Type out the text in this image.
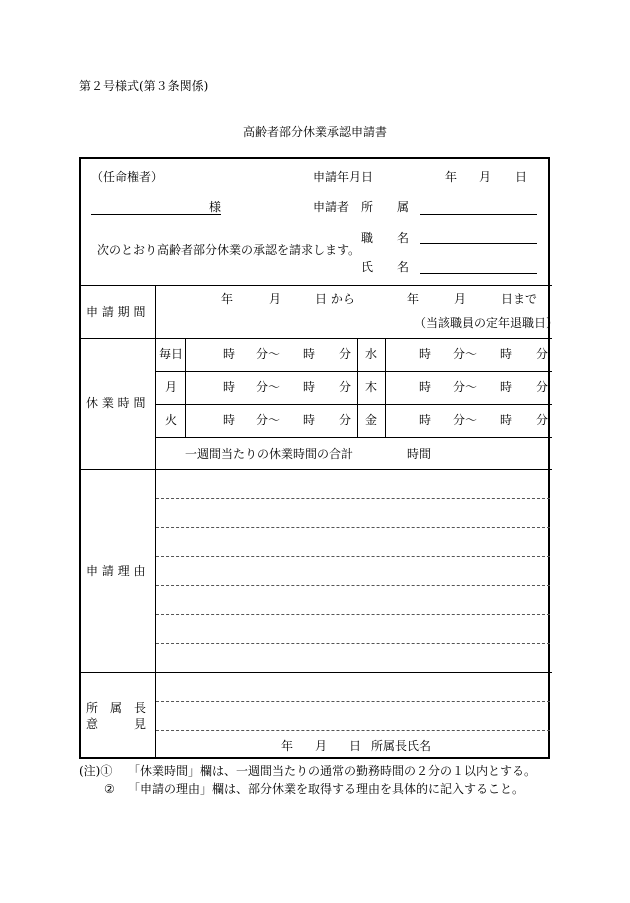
第２号様式(第３条関係)
高齢者部分休業承認申請書
（任命権者）	申請年月日	年 月 日
様	申請者 所 属
次のとおり高齢者部分休業の承認を請求します。
職 名
氏 名
申 請 期 間
年	月	日 から	年	月	日まで
（当該職員の定年退職日）
休 業 時 間
毎日	時 分～ 時 分 水	時 分～ 時 分
月	時 分～ 時 分 木	時 分～ 時 分
火	時 分～ 時 分 金	時 分～ 時 分
一週間当たりの休業時間の合計	時間
申 請 理 由
所　属　長
意　　　見
年 月 日 所属長氏名
(注)① 「休業時間」欄は、一週間当たりの通常の勤務時間の２分の１以内とする。
② 「申請の理由」欄は、部分休業を取得する理由を具体的に記入すること。
